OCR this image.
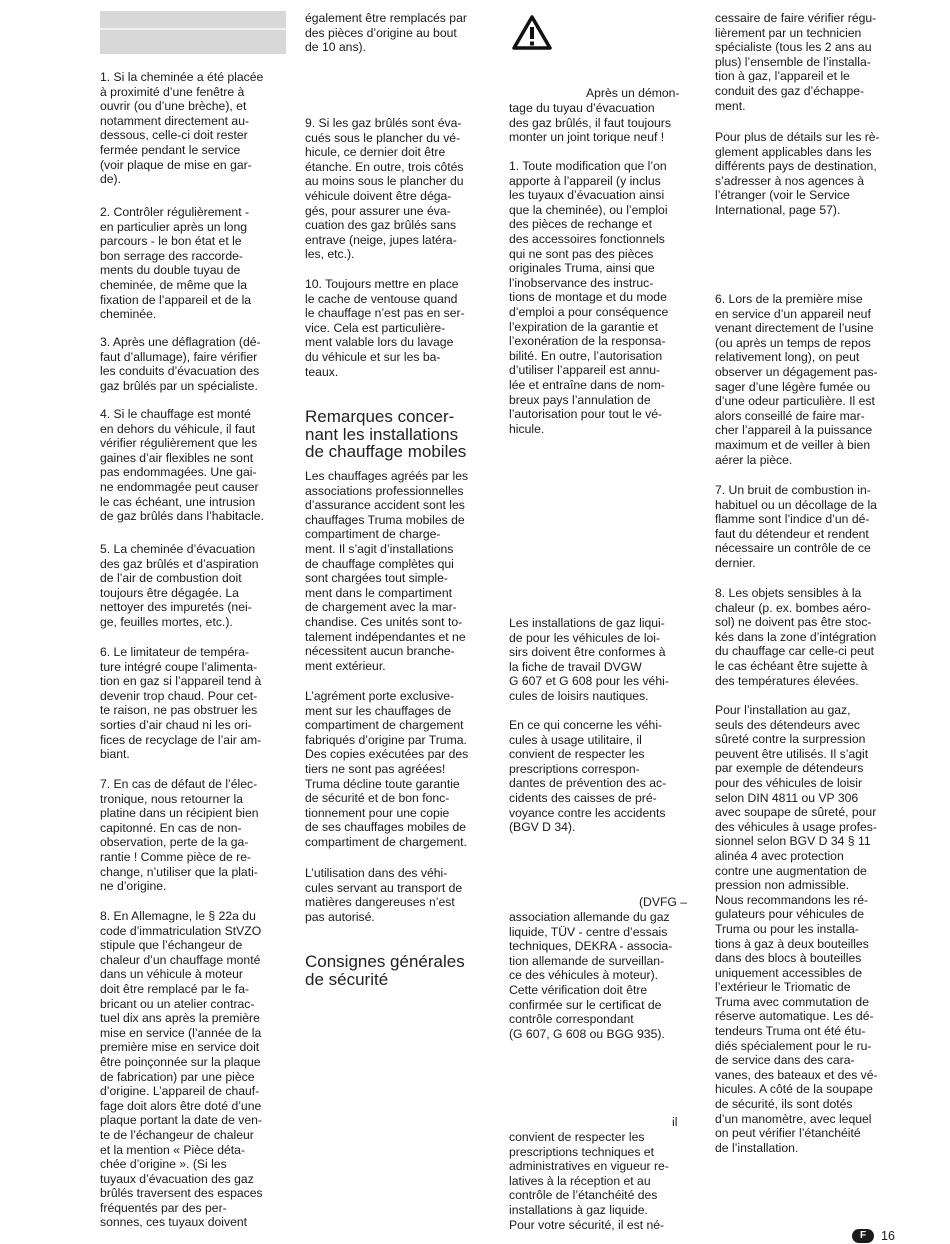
1. Si la cheminée a été placée
à proximité d’une fenêtre à
ouvrir (ou d’une brèche), et
notamment directement au-
dessous, celle-ci doit rester
fermée pendant le service
(voir plaque de mise en gar-
de).

2. Contrôler régulièrement -
en particulier après un long
parcours - le bon état et le
bon serrage des raccorde-
ments du double tuyau de
cheminée, de même que la
fixation de l’appareil et de la
cheminée.

3. Après une déflagration (dé-
faut d’allumage), faire vérifier
les conduits d’évacuation des
gaz brûlés par un spécialiste.

4. Si le chauffage est monté
en dehors du véhicule, il faut
vérifier régulièrement que les
gaines d’air flexibles ne sont
pas endommagées. Une gai-
ne endommagée peut causer
le cas échéant, une intrusion
de gaz brûlés dans l’habitacle.

5. La cheminée d’évacuation
des gaz brûlés et d’aspiration
de l’air de combustion doit
toujours être dégagée. La
nettoyer des impuretés (nei-
ge, feuilles mortes, etc.).

6. Le limitateur de tempéra-
ture intégré coupe l’alimenta-
tion en gaz si l’appareil tend à
devenir trop chaud. Pour cet-
te raison, ne pas obstruer les
sorties d’air chaud ni les ori-
fices de recyclage de l’air am-
biant.

7. En cas de défaut de l’élec-
tronique, nous retourner la
platine dans un récipient bien
capitonné. En cas de non-
observation, perte de la ga-
rantie ! Comme pièce de re-
change, n’utiliser que la plati-
ne d’origine.

8. En Allemagne, le § 22a du
code d’immatriculation StVZO
stipule que l’échangeur de
chaleur d’un chauffage monté
dans un véhicule à moteur
doit être remplacé par le fa-
bricant ou un atelier contrac-
tuel dix ans après la première
mise en service (l’année de la
première mise en service doit
être poinçonnée sur la plaque
de fabrication) par une pièce
d’origine. L’appareil de chauf-
fage doit alors être doté d’une
plaque portant la date de ven-
te de l’échangeur de chaleur
et la mention « Pièce déta-
chée d’origine ». (Si les
tuyaux d’évacuation des gaz
brûlés traversent des espaces
fréquentés par des per-
sonnes, ces tuyaux doivent

également être remplacés par
des pièces d’origine au bout
de 10 ans).

9. Si les gaz brûlés sont éva-
cués sous le plancher du vé-
hicule, ce dernier doit être
étanche. En outre, trois côtés
au moins sous le plancher du
véhicule doivent être déga-
gés, pour assurer une éva-
cuation des gaz brûlés sans
entrave (neige, jupes latéra-
les, etc.).

10. Toujours mettre en place
le cache de ventouse quand
le chauffage n’est pas en ser-
vice. Cela est particulière-
ment valable lors du lavage
du véhicule et sur les ba-
teaux.

Remarques concer-
nant les installations
de chauffage mobiles

Les chauffages agréés par les
associations professionnelles
d’assurance accident sont les
chauffages Truma mobiles de
compartiment de charge-
ment. Il s’agit d’installations
de chauffage complètes qui
sont chargées tout simple-
ment dans le compartiment
de chargement avec la mar-
chandise. Ces unités sont to-
talement indépendantes et ne
nécessitent aucun branche-
ment extérieur.

L’agrément porte exclusive-
ment sur les chauffages de
compartiment de chargement
fabriqués d’origine par Truma.
Des copies exécutées par des
tiers ne sont pas agréées!
Truma décline toute garantie
de sécurité et de bon fonc-
tionnement pour une copie
de ses chauffages mobiles de
compartiment de chargement.

L’utilisation dans des véhi-
cules servant au transport de
matières dangereuses n’est
pas autorisé.

Consignes générales
de sécurité

Après un démon-

tage du tuyau d’évacuation
des gaz brûlés, il faut toujours
monter un joint torique neuf !

1. Toute modification que l’on
apporte à l’appareil (y inclus
les tuyaux d’évacuation ainsi
que la cheminée), ou l’emploi
des pièces de rechange et
des accessoires fonctionnels
qui ne sont pas des pièces
originales Truma, ainsi que
l’inobservance des instruc-
tions de montage et du mode
d’emploi a pour conséquence
l’expiration de la garantie et
l’exonération de la responsa-
bilité. En outre, l’autorisation
d’utiliser l’appareil est annu-
lée et entraîne dans de nom-
breux pays l’annulation de
l’autorisation pour tout le vé-
hicule.

Les installations de gaz liqui-
de pour les véhicules de loi-
sirs doivent être conformes à
la fiche de travail DVGW
G 607 et G 608 pour les véhi-
cules de loisirs nautiques.

En ce qui concerne les véhi-
cules à usage utilitaire, il
convient de respecter les
prescriptions correspon-
dantes de prévention des ac-
cidents des caisses de pré-
voyance contre les accidents
(BGV D 34).

(DVFG –

association allemande du gaz
liquide, TÜV - centre d’essais
techniques, DEKRA - associa-
tion allemande de surveillan-
ce des véhicules à moteur).
Cette vérification doit être
confirmée sur le certificat de
contrôle correspondant
(G 607, G 608 ou BGG 935).

il

convient de respecter les
prescriptions techniques et
administratives en vigueur re-
latives à la réception et au
contrôle de l’étanchéité des
installations à gaz liquide.
Pour votre sécurité, il est né-

cessaire de faire vérifier régu-
lièrement par un technicien
spécialiste (tous les 2 ans au
plus) l’ensemble de l’installa-
tion à gaz, l’appareil et le
conduit des gaz d’échappe-
ment.

Pour plus de détails sur les rè-
glement applicables dans les
différents pays de destination,
s’adresser à nos agences à
l’étranger (voir le Service
International, page 57).

6. Lors de la première mise
en service d’un appareil neuf
venant directement de l’usine
(ou après un temps de repos
relativement long), on peut
observer un dégagement pas-
sager d’une légère fumée ou
d’une odeur particulière. Il est
alors conseillé de faire mar-
cher l’appareil à la puissance
maximum et de veiller à bien
aérer la pièce.

7. Un bruit de combustion in-
habituel ou un décollage de la
flamme sont l’indice d’un dé-
faut du détendeur et rendent
nécessaire un contrôle de ce
dernier.

8. Les objets sensibles à la
chaleur (p. ex. bombes aéro-
sol) ne doivent pas être stoc-
kés dans la zone d’intégration
du chauffage car celle-ci peut
le cas échéant être sujette à
des températures élevées.

Pour l’installation au gaz,
seuls des détendeurs avec
sûreté contre la surpression
peuvent être utilisés. Il s’agit
par exemple de détendeurs
pour des véhicules de loisir
selon DIN 4811 ou VP 306
avec soupape de sûreté, pour
des véhicules à usage profes-
sionnel selon BGV D 34 § 11
alinéa 4 avec protection
contre une augmentation de
pression non admissible.
Nous recommandons les ré-
gulateurs pour véhicules de
Truma ou pour les installa-
tions à gaz à deux bouteilles
dans des blocs à bouteilles
uniquement accessibles de
l’extérieur le Triomatic de
Truma avec commutation de
réserve automatique. Les dé-
tendeurs Truma ont été étu-
diés spécialement pour le ru-
de service dans des cara-
vanes, des bateaux et des vé-
hicules. A côté de la soupape
de sécurité, ils sont dotés
d’un manomètre, avec lequel
on peut vérifier l’étanchéité
de l’installation.

F	16
